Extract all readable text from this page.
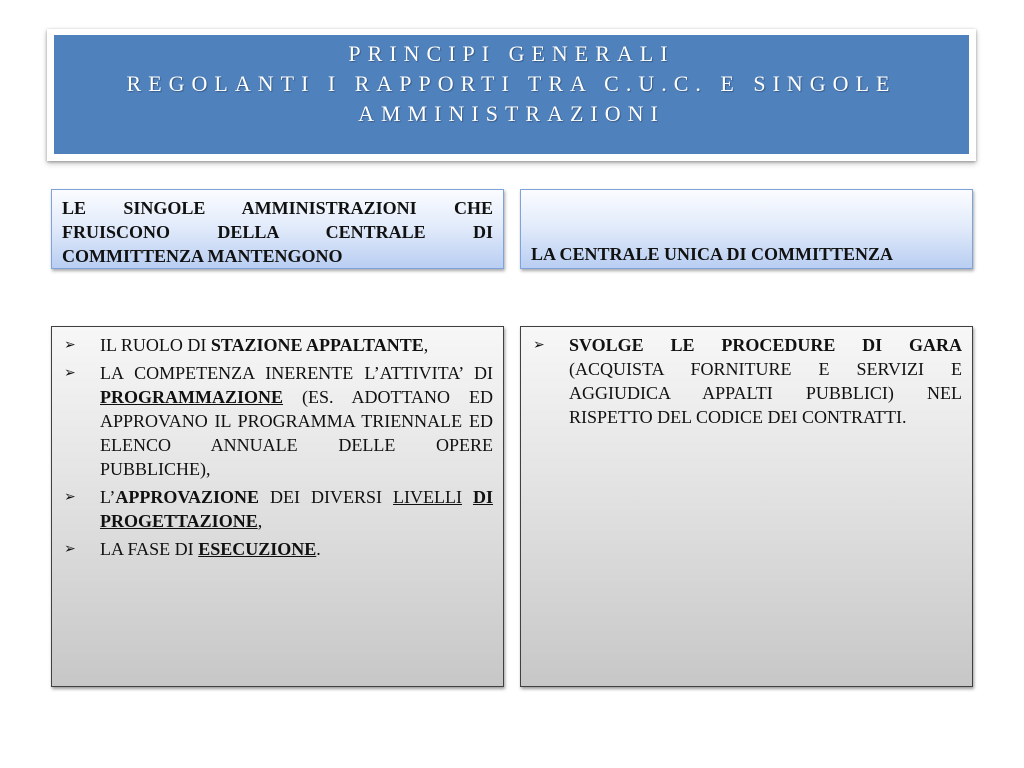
PRINCIPI GENERALI
REGOLANTI I RAPPORTI TRA C.U.C. E SINGOLE
AMMINISTRAZIONI
LE SINGOLE AMMINISTRAZIONI CHE FRUISCONO DELLA CENTRALE DI COMMITTENZA MANTENGONO	LA CENTRALE UNICA DI COMMITTENZA
➢ IL RUOLO DI STAZIONE APPALTANTE,
➢ LA COMPETENZA INERENTE L’ATTIVITA’ DI PROGRAMMAZIONE (ES. ADOTTANO ED APPROVANO IL PROGRAMMA TRIENNALE ED ELENCO ANNUALE DELLE OPERE PUBBLICHE),
➢ L’APPROVAZIONE DEI DIVERSI LIVELLI DI PROGETTAZIONE,
➢ LA FASE DI ESECUZIONE.
➢ SVOLGE LE PROCEDURE DI GARA (ACQUISTA FORNITURE E SERVIZI E AGGIUDICA APPALTI PUBBLICI) NEL RISPETTO DEL CODICE DEI CONTRATTI.
